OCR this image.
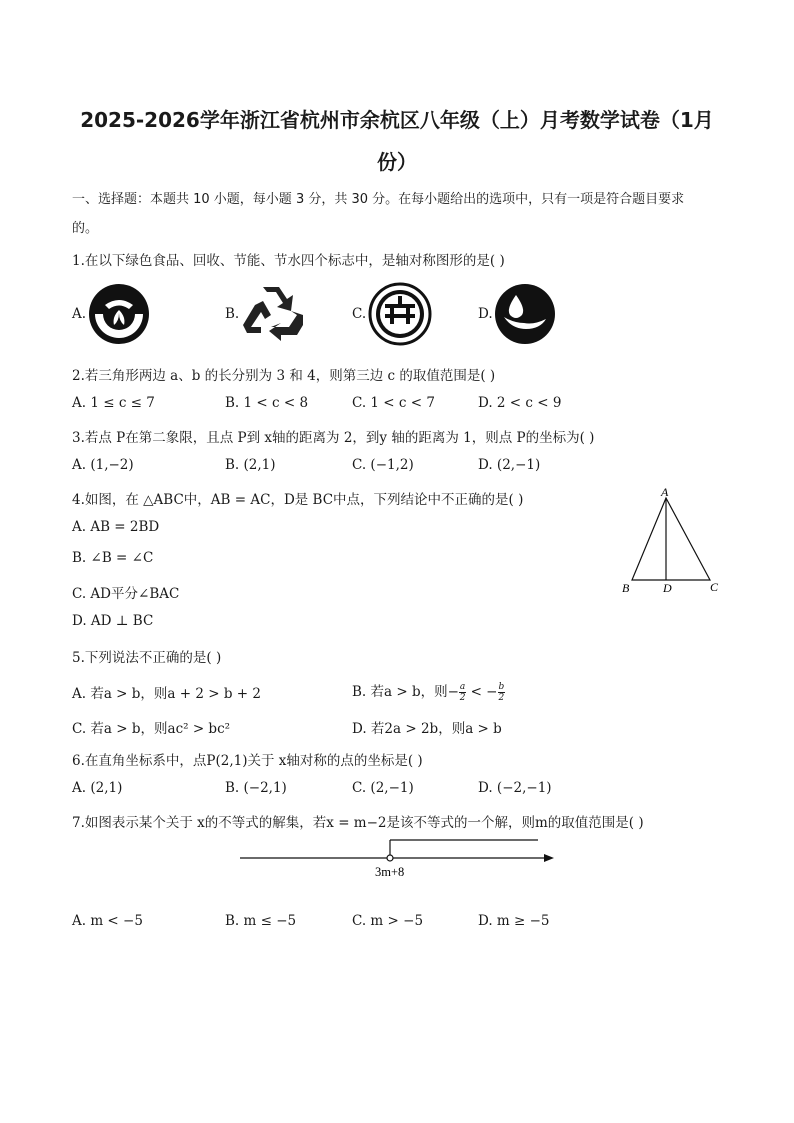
2025-2026学年浙江省杭州市余杭区八年级（上）月考数学试卷（1月
份）
一、选择题：本题共 10 小题，每小题 3 分，共 30 分。在每小题给出的选项中，只有一项是符合题目要求
的。
1.在以下绿色食品、回收、节能、节水四个标志中，是轴对称图形的是( )
A.	B.	C.	D.
2.若三角形两边 a、b 的长分别为 3 和 4，则第三边 c 的取值范围是( )
A. 1 ≤ c ≤ 7	B. 1 < c < 8	C. 1 < c < 7	D. 2 < c < 9
3.若点 P在第二象限，且点 P到 x轴的距离为 2，到y 轴的距离为 1，则点 P的坐标为( )
A. (1,−2)	B. (2,1)	C. (−1,2)	D. (2,−1)
4.如图，在 △ABC中，AB = AC，D是 BC中点，下列结论中不正确的是( )
A. AB = 2BD
B. ∠B = ∠C
C. AD平分∠BAC
D. AD ⊥ BC
A
B	D	C
5.下列说法不正确的是( )
A. 若a > b，则a + 2 > b + 2	B. 若a > b，则− $\frac{a}{2}$ < − $\frac{b}{2}$
C. 若a > b，则ac² > bc²	D. 若2a > 2b，则a > b
6.在直角坐标系中，点P(2,1)关于 x轴对称的点的坐标是( )
A. (2,1)	B. (−2,1)	C. (2,−1)	D. (−2,−1)
7.如图表示某个关于 x的不等式的解集，若x = m−2是该不等式的一个解，则m的取值范围是( )
3m+8
A. m < −5	B. m ≤ −5	C. m > −5	D. m ≥ −5
